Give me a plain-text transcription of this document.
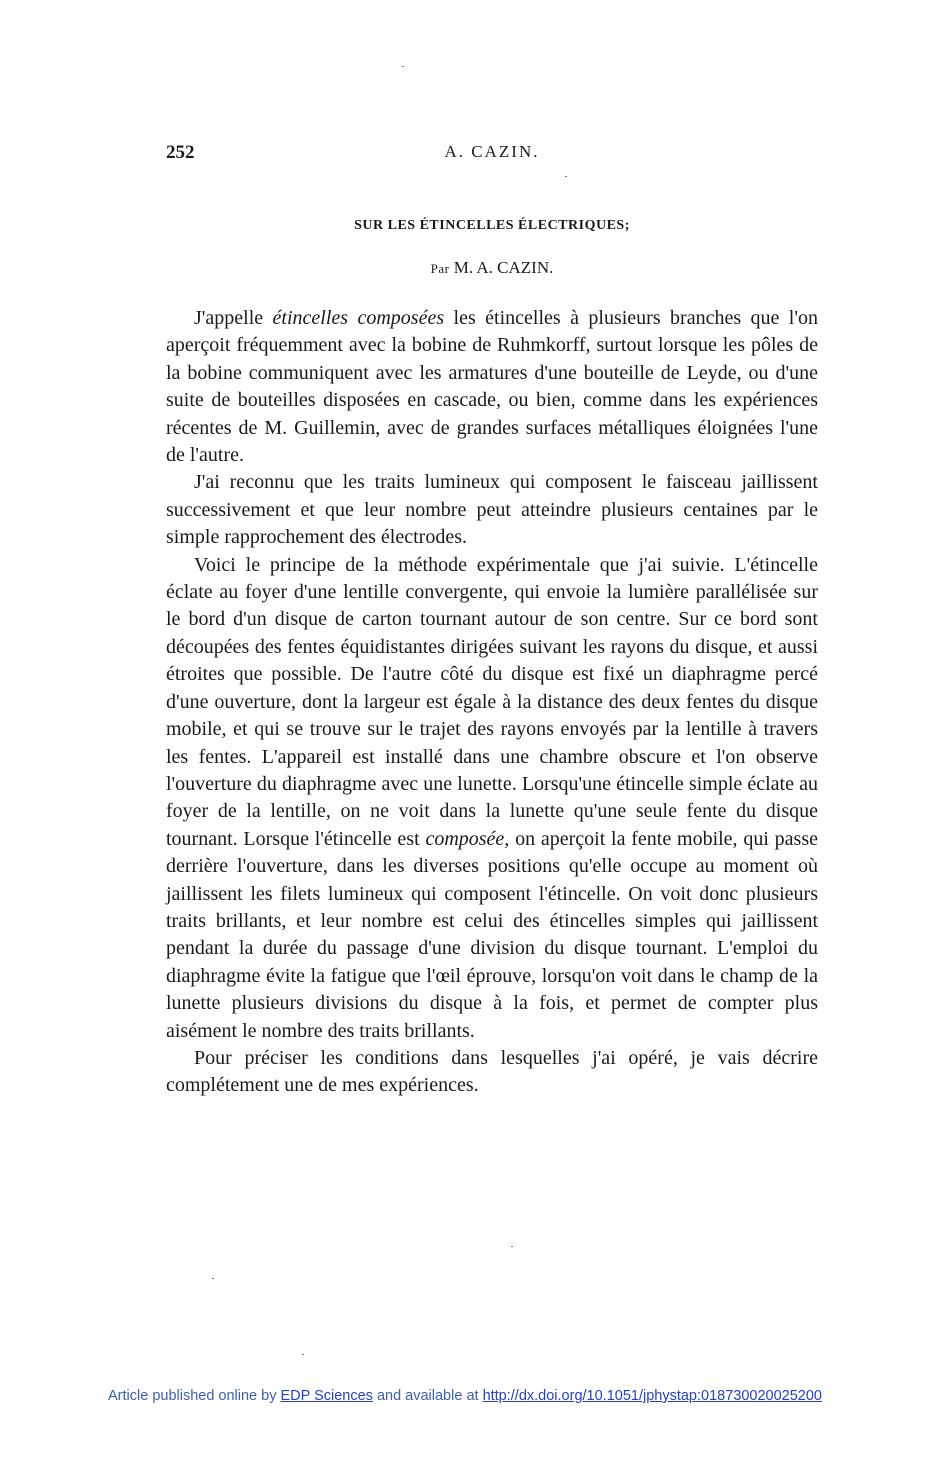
252	A. CAZIN.
SUR LES ÉTINCELLES ÉLECTRIQUES;
Par M. A. CAZIN.

J'appelle étincelles composées les étincelles à plusieurs branches que l'on aperçoit fréquemment avec la bobine de Ruhmkorff, surtout lorsque les pôles de la bobine communiquent avec les armatures d'une bouteille de Leyde, ou d'une suite de bouteilles disposées en cascade, ou bien, comme dans les expériences récentes de M. Guillemin, avec de grandes surfaces métalliques éloignées l'une de l'autre.

J'ai reconnu que les traits lumineux qui composent le faisceau jaillissent successivement et que leur nombre peut atteindre plusieurs centaines par le simple rapprochement des électrodes.

Voici le principe de la méthode expérimentale que j'ai suivie. L'étincelle éclate au foyer d'une lentille convergente, qui envoie la lumière parallélisée sur le bord d'un disque de carton tournant autour de son centre. Sur ce bord sont découpées des fentes équidistantes dirigées suivant les rayons du disque, et aussi étroites que possible. De l'autre côté du disque est fixé un diaphragme percé d'une ouverture, dont la largeur est égale à la distance des deux fentes du disque mobile, et qui se trouve sur le trajet des rayons envoyés par la lentille à travers les fentes. L'appareil est installé dans une chambre obscure et l'on observe l'ouverture du diaphragme avec une lunette. Lorsqu'une étincelle simple éclate au foyer de la lentille, on ne voit dans la lunette qu'une seule fente du disque tournant. Lorsque l'étincelle est composée, on aperçoit la fente mobile, qui passe derrière l'ouverture, dans les diverses positions qu'elle occupe au moment où jaillissent les filets lumineux qui composent l'étincelle. On voit donc plusieurs traits brillants, et leur nombre est celui des étincelles simples qui jaillissent pendant la durée du passage d'une division du disque tournant. L'emploi du diaphragme évite la fatigue que l'œil éprouve, lorsqu'on voit dans le champ de la lunette plusieurs divisions du disque à la fois, et permet de compter plus aisément le nombre des traits brillants.

Pour préciser les conditions dans lesquelles j'ai opéré, je vais décrire complétement une de mes expériences.

Article published online by EDP Sciences and available at http://dx.doi.org/10.1051/jphystap:018730020025200
